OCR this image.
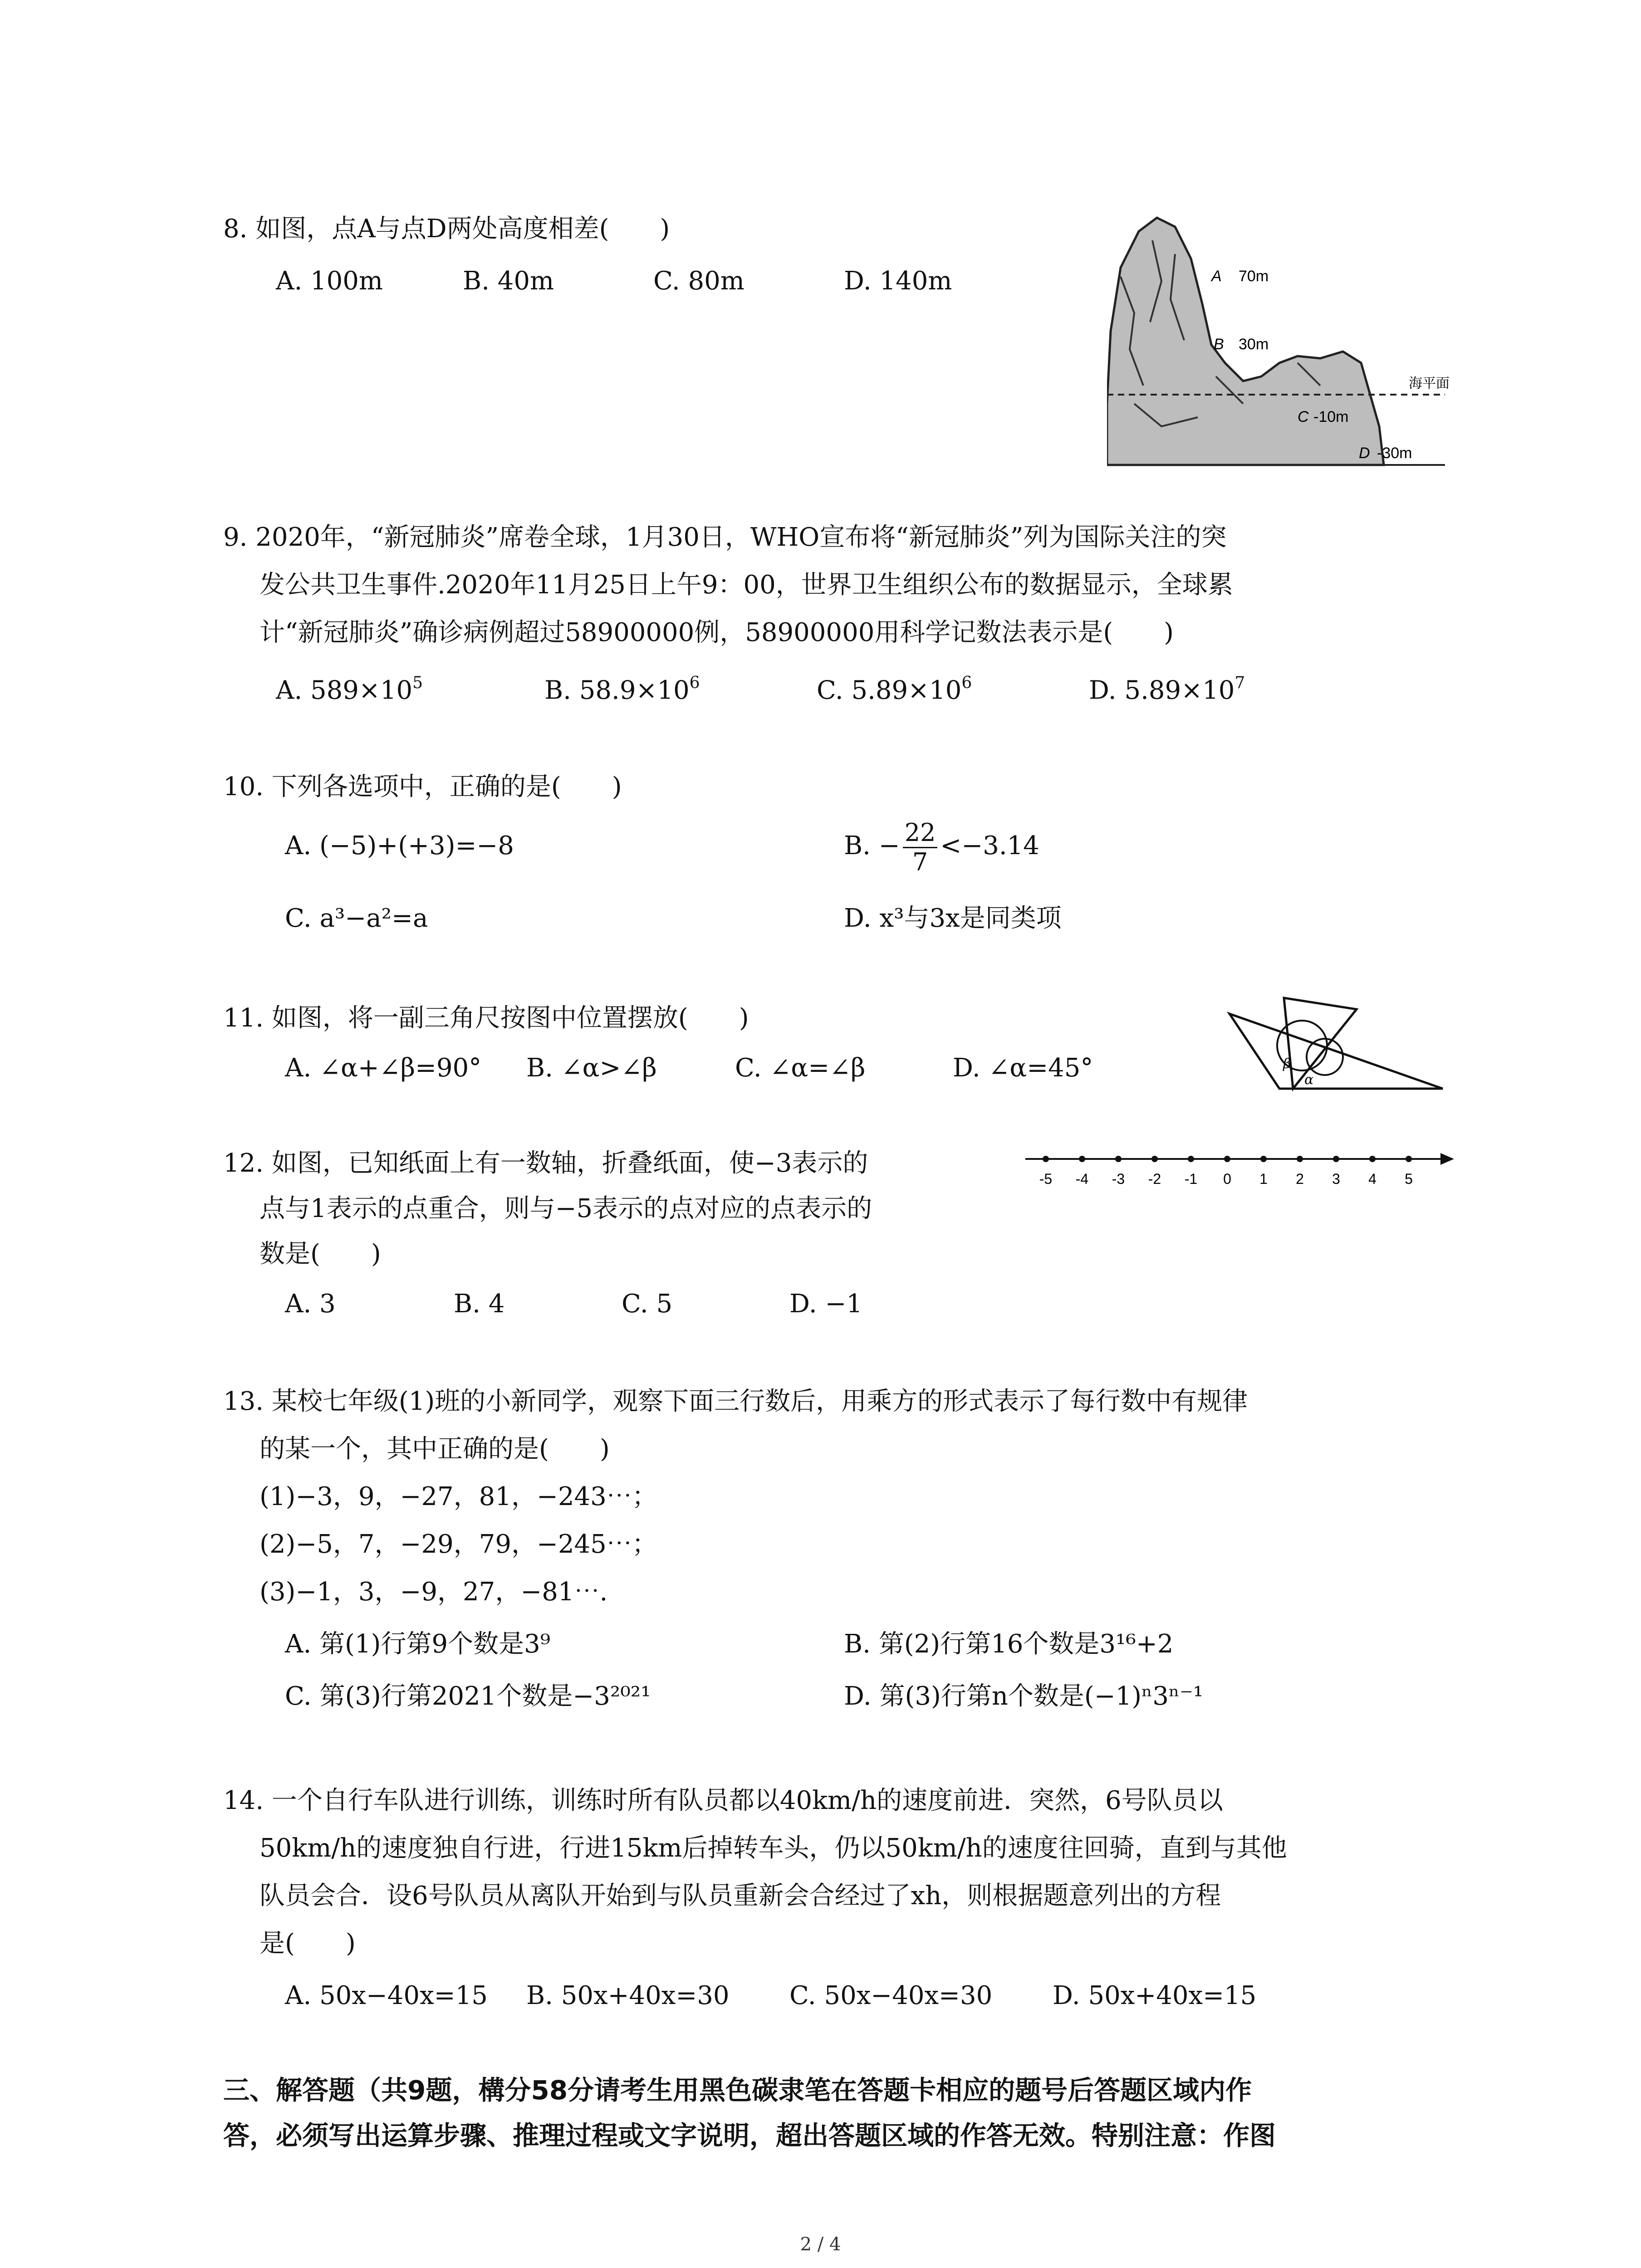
8. 如图，点A与点D两处高度相差(　　)
A. 100m	B. 40m	C. 80m	D. 140m	A 70m
B 30m
海平面
C -10m
D -30m
9. 2020年，“新冠肺炎”席卷全球，1月30日，WHO宣布将“新冠肺炎”列为国际关注的突
发公共卫生事件.2020年11月25日上午9：00，世界卫生组织公布的数据显示，全球累
计“新冠肺炎”确诊病例超过58900000例，58900000用科学记数法表示是(　　)
A. $589\times 10^5$	B. $58.9\times 10^6$	C. $5.89\times 10^6$	D. $5.89\times 10^7$
10. 下列各选项中，正确的是(　　)
A. (−5)+(+3)=−8	B. − $\frac{22}{7} <-3.14$
C. a³−a²=a	D. x³与3x是同类项
11. 如图，将一副三角尺按图中位置摆放(　　)
A. ∠α+∠β=90° B. ∠α>∠β	C. ∠α=∠β	D. ∠α=45°	β
α
12. 如图，已知纸面上有一数轴，折叠纸面，使−3表示的
点与1表示的点重合，则与−5表示的点对应的点表示的
数是(　　)
A. 3	B. 4	C. 5	D. −1
-5 -4 -3 -2 -1 0 1 2 3 4 5
13. 某校七年级(1)班的小新同学，观察下面三行数后，用乘方的形式表示了每行数中有规律
的某一个，其中正确的是(　　)
(1)−3，9，−27，81，−243⋯；
(2)−5，7，−29，79，−245⋯；
(3)−1，3，−9，27，−81⋯.
A. 第(1)行第9个数是3⁹	B. 第(2)行第16个数是3¹⁶+2
C. 第(3)行第2021个数是−3²⁰²¹	D. 第(3)行第n个数是(−1)ⁿ3ⁿ⁻¹
14. 一个自行车队进行训练，训练时所有队员都以40km/h的速度前进．突然，6号队员以
50km/h的速度独自行进，行进15km后掉转车头，仍以50km/h的速度往回骑，直到与其他
队员会合．设6号队员从离队开始到与队员重新会合经过了xh，则根据题意列出的方程
是(　　)
A. 50x−40x=15 B. 50x+40x=30 C. 50x−40x=30 D. 50x+40x=15
三、解答题（共9题，構分58分请考生用黑色碳隶笔在答题卡相应的题号后答题区域内作
答，必须写出运算步骤、推理过程或文字说明，超出答题区域的作答无效。特别注意：作图
2 / 4
